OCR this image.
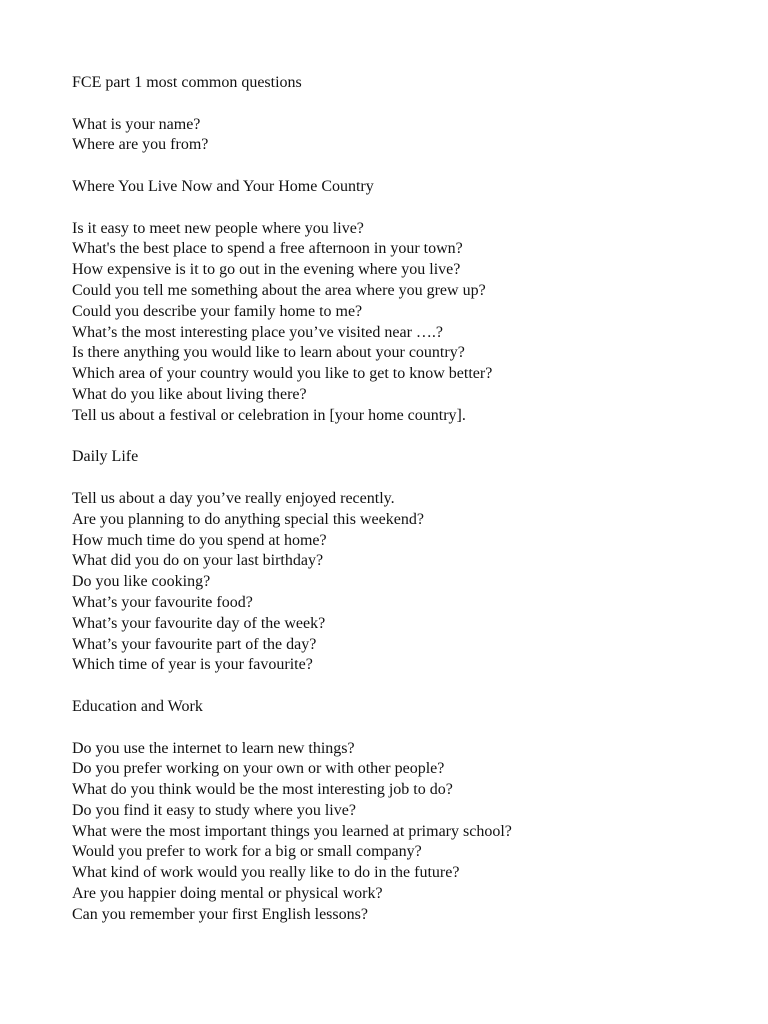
FCE part 1 most common questions
What is your name?
Where are you from?
Where You Live Now and Your Home Country
Is it easy to meet new people where you live?
What's the best place to spend a free afternoon in your town?
How expensive is it to go out in the evening where you live?
Could you tell me something about the area where you grew up?
Could you describe your family home to me?
What’s the most interesting place you’ve visited near ….?
Is there anything you would like to learn about your country?
Which area of your country would you like to get to know better?
What do you like about living there?
Tell us about a festival or celebration in [your home country].
Daily Life
Tell us about a day you’ve really enjoyed recently.
Are you planning to do anything special this weekend?
How much time do you spend at home?
What did you do on your last birthday?
Do you like cooking?
What’s your favourite food?
What’s your favourite day of the week?
What’s your favourite part of the day?
Which time of year is your favourite?
Education and Work
Do you use the internet to learn new things?
Do you prefer working on your own or with other people?
What do you think would be the most interesting job to do?
Do you find it easy to study where you live?
What were the most important things you learned at primary school?
Would you prefer to work for a big or small company?
What kind of work would you really like to do in the future?
Are you happier doing mental or physical work?
Can you remember your first English lessons?
